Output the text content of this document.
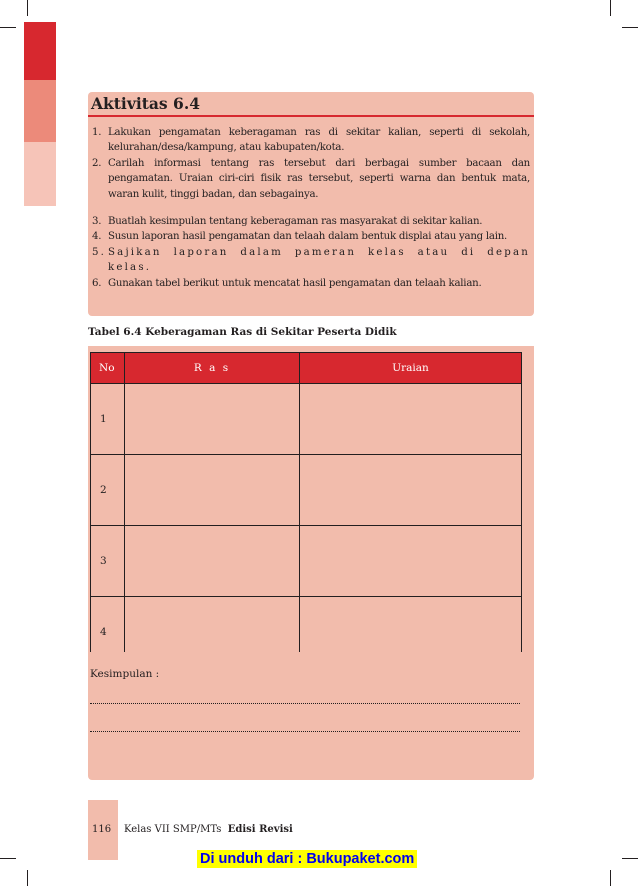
Aktivitas 6.4
1. Lakukan pengamatan keberagaman ras di sekitar kalian, seperti di sekolah, kelurahan/desa/kampung, atau kabupaten/kota.
2. Carilah informasi tentang ras tersebut dari berbagai sumber bacaan dan pengamatan. Uraian ciri-ciri fisik ras tersebut, seperti warna dan bentuk mata, waran kulit, tinggi badan, dan sebagainya.
3. Buatlah kesimpulan tentang keberagaman ras masyarakat di sekitar kalian.
4. Susun laporan hasil pengamatan dan telaah dalam bentuk displai atau yang lain.
5. Sajikan laporan dalam pameran kelas atau di depan kelas.
6. Gunakan tabel berikut untuk mencatat hasil pengamatan dan telaah kalian.
Tabel 6.4 Keberagaman Ras di Sekitar Peserta Didik
No	R a s	Uraian
1		
2		
3		
4		
Kesimpulan :
116 Kelas VII SMP/MTs Edisi Revisi
Di unduh dari : Bukupaket.com
